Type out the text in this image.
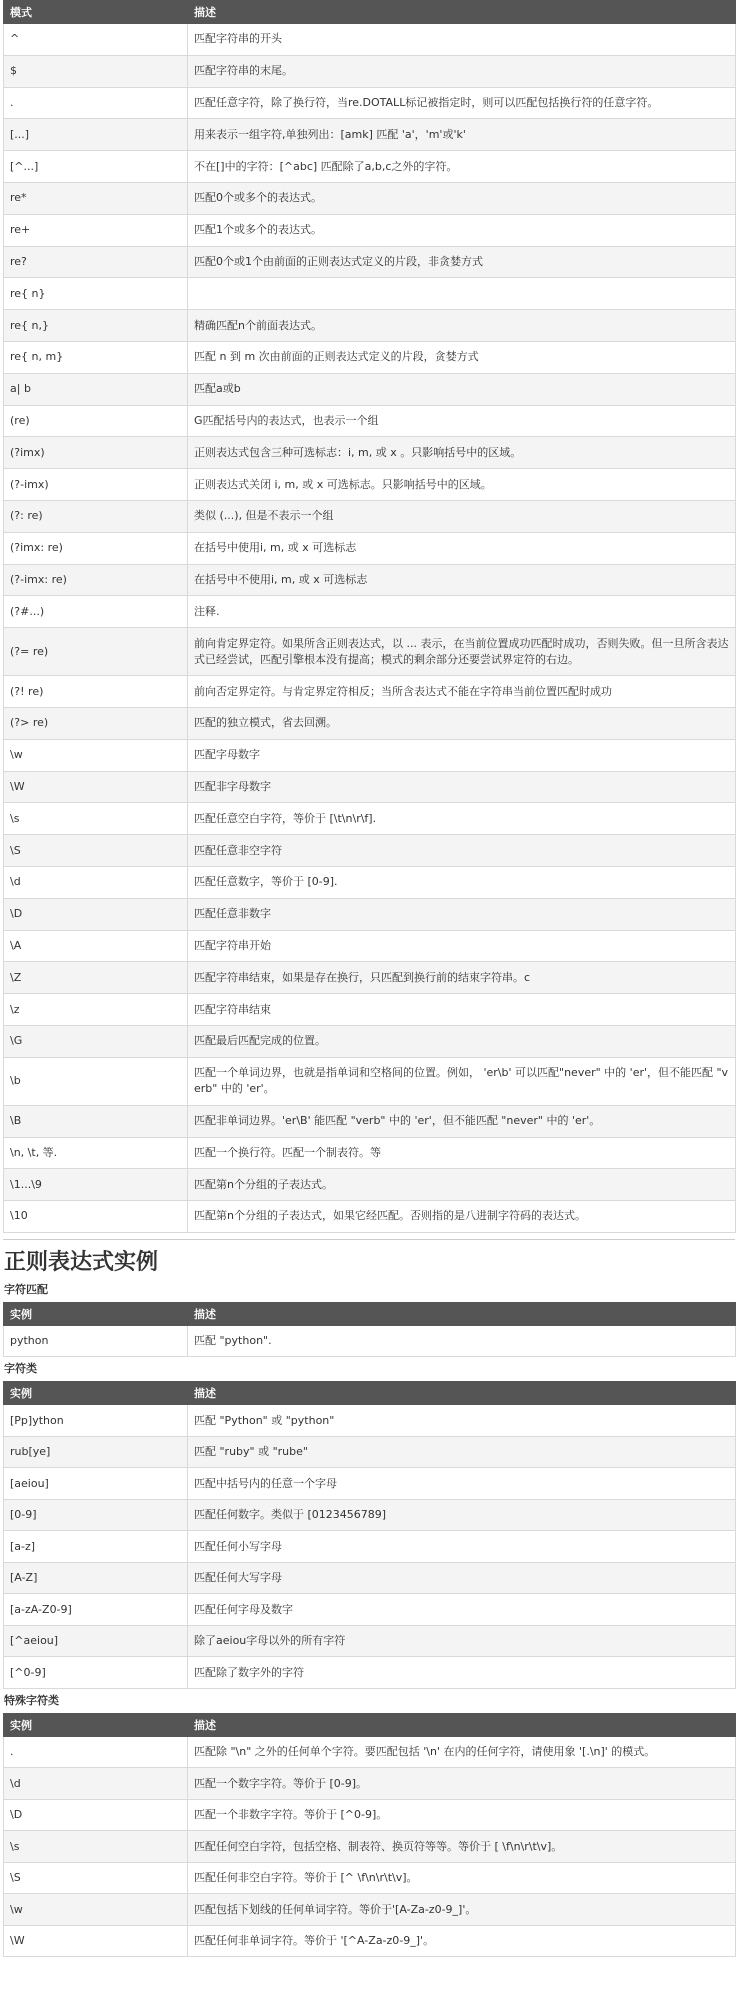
模式	描述
^	匹配字符串的开头
$	匹配字符串的末尾。
.	匹配任意字符，除了换行符，当re.DOTALL标记被指定时，则可以匹配包括换行符的任意字符。
[...]	用来表示一组字符,单独列出：[amk] 匹配 'a'，'m'或'k'
[^...]	不在[]中的字符：[^abc] 匹配除了a,b,c之外的字符。
re*	匹配0个或多个的表达式。
re+	匹配1个或多个的表达式。
re?	匹配0个或1个由前面的正则表达式定义的片段，非贪婪方式
re{ n}	
re{ n,}	精确匹配n个前面表达式。
re{ n, m}	匹配 n 到 m 次由前面的正则表达式定义的片段，贪婪方式
a| b	匹配a或b
(re)	G匹配括号内的表达式，也表示一个组
(?imx)	正则表达式包含三种可选标志：i, m, 或 x 。只影响括号中的区域。
(?-imx)	正则表达式关闭 i, m, 或 x 可选标志。只影响括号中的区域。
(?: re)	类似 (...), 但是不表示一个组
(?imx: re)	在括号中使用i, m, 或 x 可选标志
(?-imx: re)	在括号中不使用i, m, 或 x 可选标志
(?#...)	注释.
(?= re)	前向肯定界定符。如果所含正则表达式，以 ... 表示，在当前位置成功匹配时成功，否则失败。但一旦所含表达式已经尝试，匹配引擎根本没有提高；模式的剩余部分还要尝试界定符的右边。
(?! re)	前向否定界定符。与肯定界定符相反；当所含表达式不能在字符串当前位置匹配时成功
(?> re)	匹配的独立模式，省去回溯。
\w	匹配字母数字
\W	匹配非字母数字
\s	匹配任意空白字符，等价于 [\t\n\r\f].
\S	匹配任意非空字符
\d	匹配任意数字，等价于 [0-9].
\D	匹配任意非数字
\A	匹配字符串开始
\Z	匹配字符串结束，如果是存在换行，只匹配到换行前的结束字符串。c
\z	匹配字符串结束
\G	匹配最后匹配完成的位置。
\b	匹配一个单词边界，也就是指单词和空格间的位置。例如， 'er\b' 可以匹配"never" 中的 'er'，但不能匹配 "verb" 中的 'er'。
\B	匹配非单词边界。'er\B' 能匹配 "verb" 中的 'er'，但不能匹配 "never" 中的 'er'。
\n, \t, 等.	匹配一个换行符。匹配一个制表符。等
\1...\9	匹配第n个分组的子表达式。
\10	匹配第n个分组的子表达式，如果它经匹配。否则指的是八进制字符码的表达式。
正则表达式实例
字符匹配
实例	描述
python	匹配 "python".
字符类
实例	描述
[Pp]ython	匹配 "Python" 或 "python"
rub[ye]	匹配 "ruby" 或 "rube"
[aeiou]	匹配中括号内的任意一个字母
[0-9]	匹配任何数字。类似于 [0123456789]
[a-z]	匹配任何小写字母
[A-Z]	匹配任何大写字母
[a-zA-Z0-9]	匹配任何字母及数字
[^aeiou]	除了aeiou字母以外的所有字符
[^0-9]	匹配除了数字外的字符
特殊字符类
实例	描述
.	匹配除 "\n" 之外的任何单个字符。要匹配包括 '\n' 在内的任何字符，请使用象 '[.\n]' 的模式。
\d	匹配一个数字字符。等价于 [0-9]。
\D	匹配一个非数字字符。等价于 [^0-9]。
\s	匹配任何空白字符，包括空格、制表符、换页符等等。等价于 [ \f\n\r\t\v]。
\S	匹配任何非空白字符。等价于 [^ \f\n\r\t\v]。
\w	匹配包括下划线的任何单词字符。等价于'[A-Za-z0-9_]'。
\W	匹配任何非单词字符。等价于 '[^A-Za-z0-9_]'。
